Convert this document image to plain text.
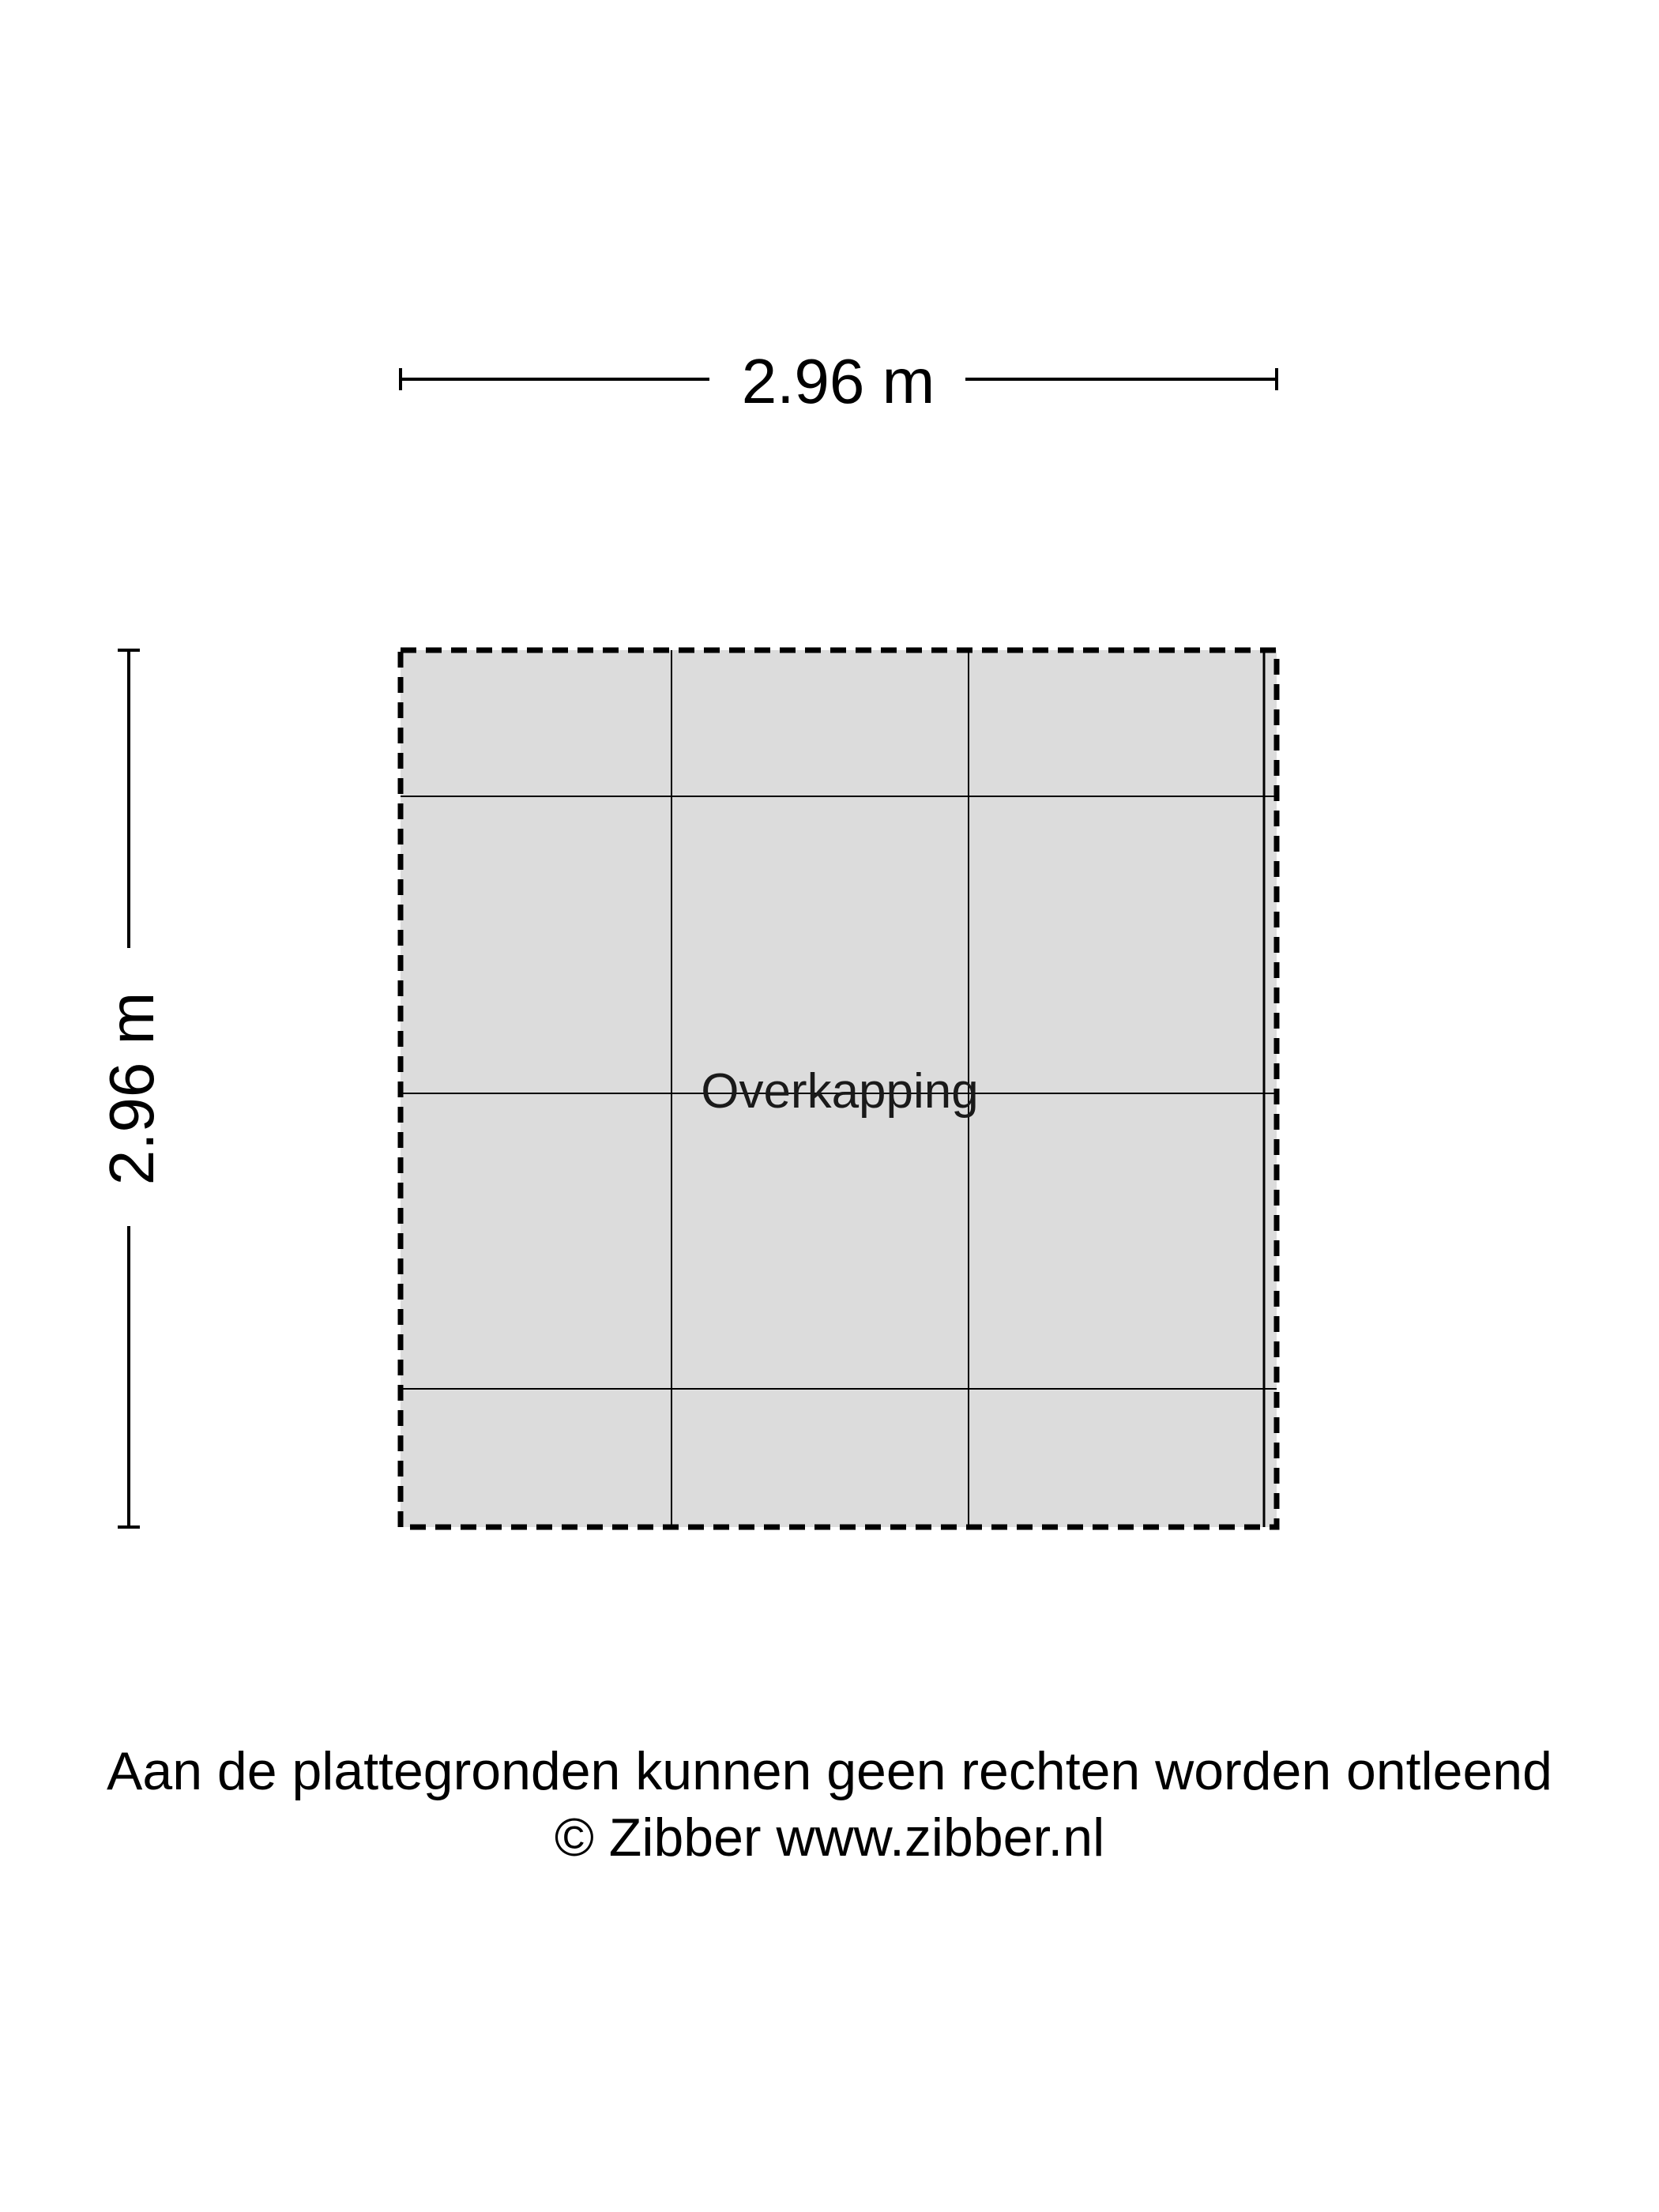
2.96 m
2.96 m	Overkapping
Aan de plattegronden kunnen geen rechten worden ontleend
© Zibber www.zibber.nl
